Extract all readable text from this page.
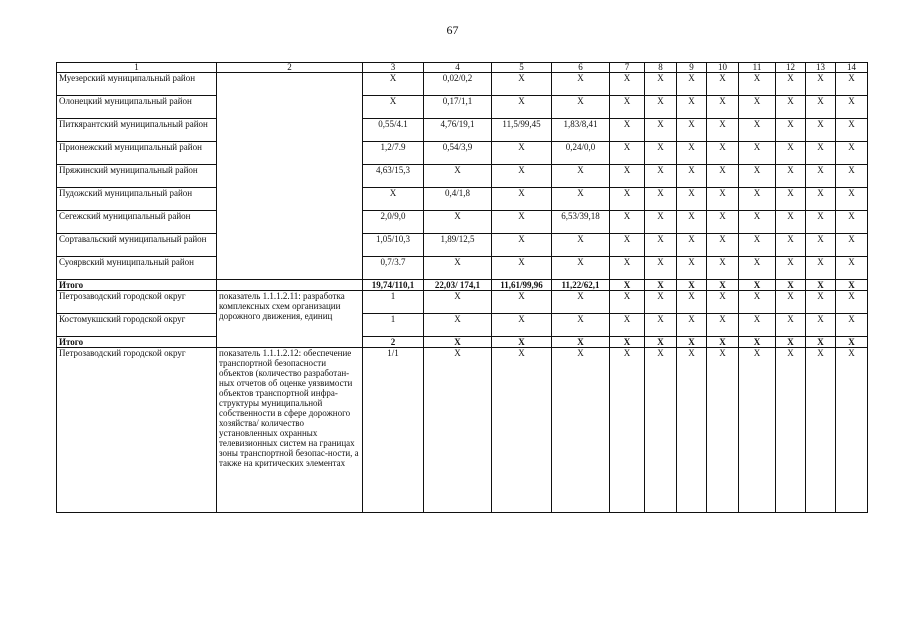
67
1	2	3	4	5	6	7	8	9	10	11	12	13	14
Муезерский муниципальный район		Х	0,02/0,2	Х	Х	Х	Х	Х	Х	Х	Х	Х	Х
Олонецкий муниципальный район		Х	0,17/1,1	Х	Х	Х	Х	Х	Х	Х	Х	Х	Х
Питкярантский муниципальный район		0,55/4.1	4,76/19,1	11,5/99,45	1,83/8,41	Х	Х	Х	Х	Х	Х	Х	Х
Прионежский муниципальный район		1,2/7.9	0,54/3,9	Х	0,24/0,0	Х	Х	Х	Х	Х	Х	Х	Х
Пряжинский муниципальный район		4,63/15,3	Х	Х	Х	Х	Х	Х	Х	Х	Х	Х	Х
Пудожский муниципальный район		Х	0,4/1,8	Х	Х	Х	Х	Х	Х	Х	Х	Х	Х
Сегежский муниципальный район		2,0/9,0	Х	Х	6,53/39,18	Х	Х	Х	Х	Х	Х	Х	Х
Сортавальский муниципальный район		1,05/10,3	1,89/12,5	Х	Х	Х	Х	Х	Х	Х	Х	Х	Х
Суоярвский муниципальный район		0,7/3.7	Х	Х	Х	Х	Х	Х	Х	Х	Х	Х	Х
Итого		19,74/110,1	22,03/ 174,1	11,61/99,96	11,22/62,1	X	X	X	X	X	X	X	X
Петрозаводский городской округ	показатель 1.1.1.2.11: разработка комплексных схем организации дорожного движения, единиц	1	Х	Х	Х	Х	Х	Х	Х	Х	Х	Х	Х
Костомукшский городской округ		1	Х	Х	Х	Х	Х	Х	Х	Х	Х	Х	Х
Итого		2	Х	Х	Х	X	X	X	X	X	X	X	X
Петрозаводский городской округ	показатель 1.1.1.2.12: обеспечение транспортной безопасности объектов (количество разработан-ных отчетов об оценке уязвимости объектов транспортной инфра-структуры муниципальной собственности в сфере дорожного хозяйства/ количество установленных охранных телевизионных систем на границах зоны транспортной безопас-ности, а также на критических элементах	1/1	Х	Х	Х	Х	Х	Х	Х	Х	Х	Х	Х
